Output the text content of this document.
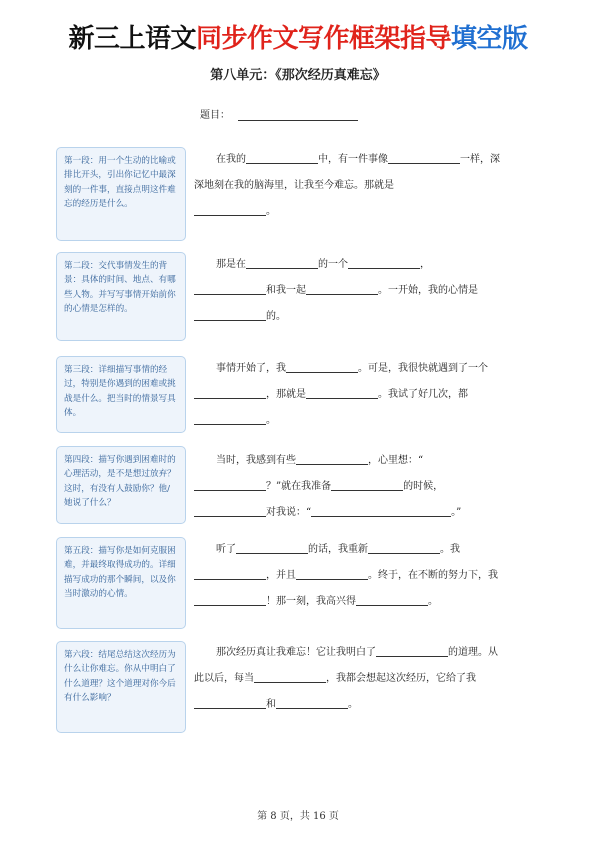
新三上语文同步作文写作框架指导填空版
第八单元：《那次经历真难忘》
题目：
第一段：用一个生动的比喻或排比开头，引出你记忆中最深刻的一件事，直接点明这件难忘的经历是什么。
第二段：交代事情发生的背景：具体的时间、地点、有哪些人物。并写写事情开始前你的心情是怎样的。
第三段：详细描写事情的经过，特别是你遇到的困难或挑战是什么。把当时的情景写具体。
第四段：描写你遇到困难时的心理活动，是不是想过放弃？这时，有没有人鼓励你？他/她说了什么？
第五段：描写你是如何克服困难，并最终取得成功的。详细描写成功的那个瞬间，以及你当时激动的心情。
第六段：结尾总结这次经历为什么让你难忘。你从中明白了什么道理？这个道理对你今后有什么影响？
在我的	中，有一件事像	一样，深深地刻在我的脑海里，让我至今难忘。那就是
。
那是在	的一个	，
和我一起	。一开始，我的心情是
的。
事情开始了，我	。可是，我很快就遇到了一个，那就是	。我试了好几次，都。
当时，我感到有些	，心里想：“
？”就在我准备	的时候，
对我说：“	。”
听了	的话，我重新	。我
，并且	。终于，在不断的努力下，我！那一刻，我高兴得	。
那次经历真让我难忘！它让我明白了	的道理。从此以后，每当	，我都会想起这次经历，它给了我和	。
第 8 页，共 16 页
